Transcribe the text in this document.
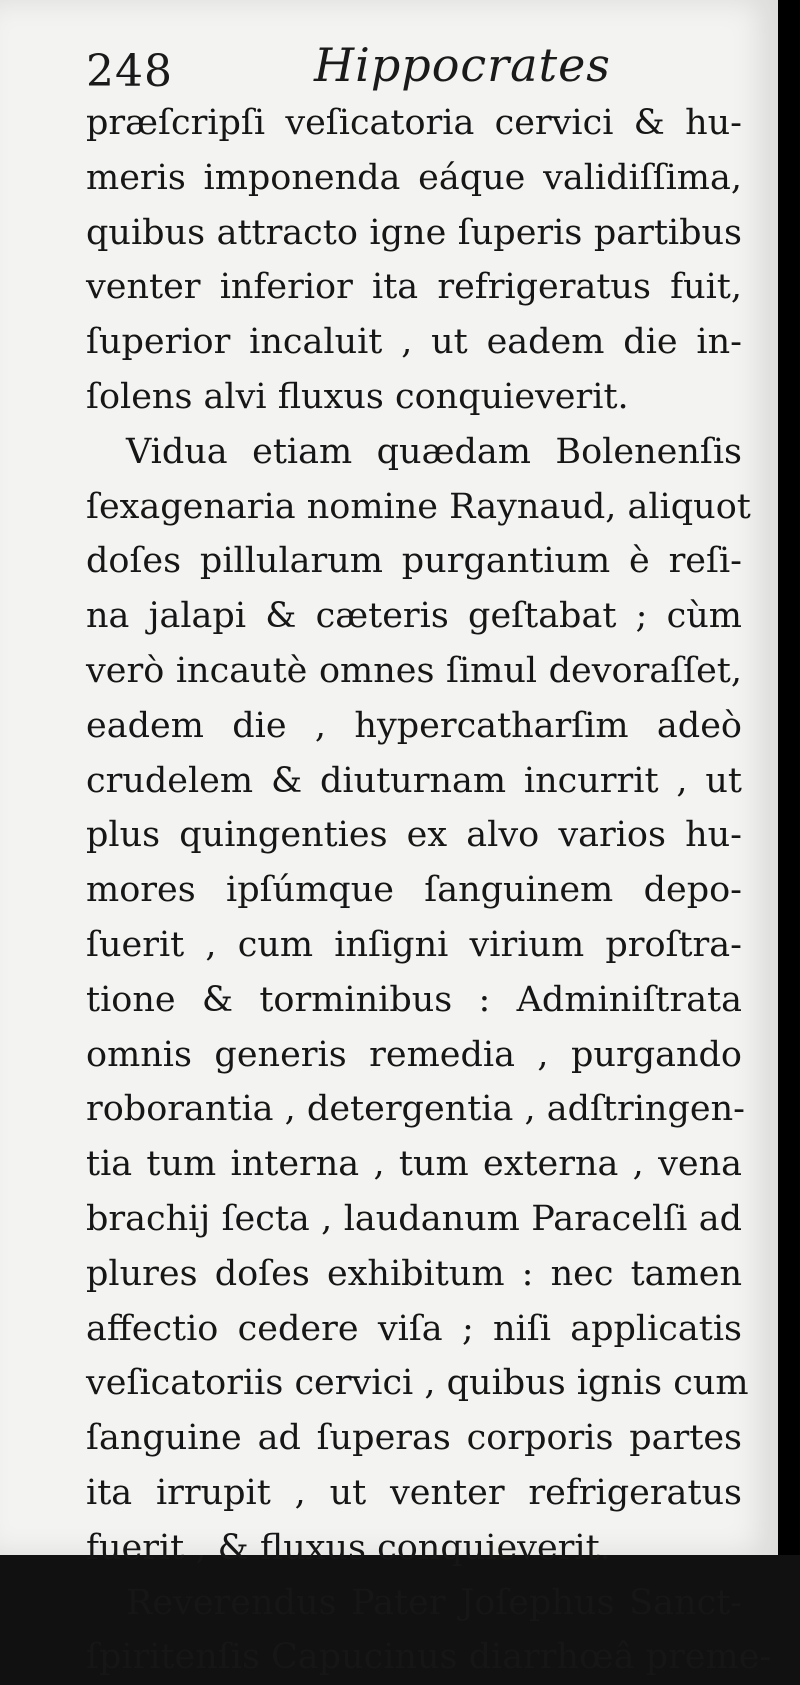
248	Hippocrates
præſcripſi veſicatoria cervici & hu-
meris imponenda eáque validiſſima,
quibus attracto igne ſuperis partibus
venter inferior ita refrigeratus fuit,
ſuperior incaluit , ut eadem die in-
ſolens alvi fluxus conquieverit.
Vidua etiam quædam Bolenenſis
ſexagenaria nomine Raynaud, aliquot
doſes pillularum purgantium è reſi-
na jalapi & cæteris geſtabat ; cùm
verò incautè omnes ſimul devoraſſet,
eadem die , hypercatharſim adeò
crudelem & diuturnam incurrit , ut
plus quingenties ex alvo varios hu-
mores ipſúmque ſanguinem depo-
ſuerit , cum inſigni virium proſtra-
tione & torminibus : Adminiſtrata
omnis generis remedia , purgando
roborantia , detergentia , adſtringen-
tia tum interna , tum externa , vena
brachij ſecta , laudanum Paracelſi ad
plures doſes exhibitum : nec tamen
affectio cedere viſa ; niſi applicatis
veſicatoriis cervici , quibus ignis cum
ſanguine ad ſuperas corporis partes
ita irrupit , ut venter refrigeratus
fuerit , & fluxus conquieverit.
Reverendus Pater Joſephus Sanct-
ſpiritenſis Capucinus diarrhœâ preme-
